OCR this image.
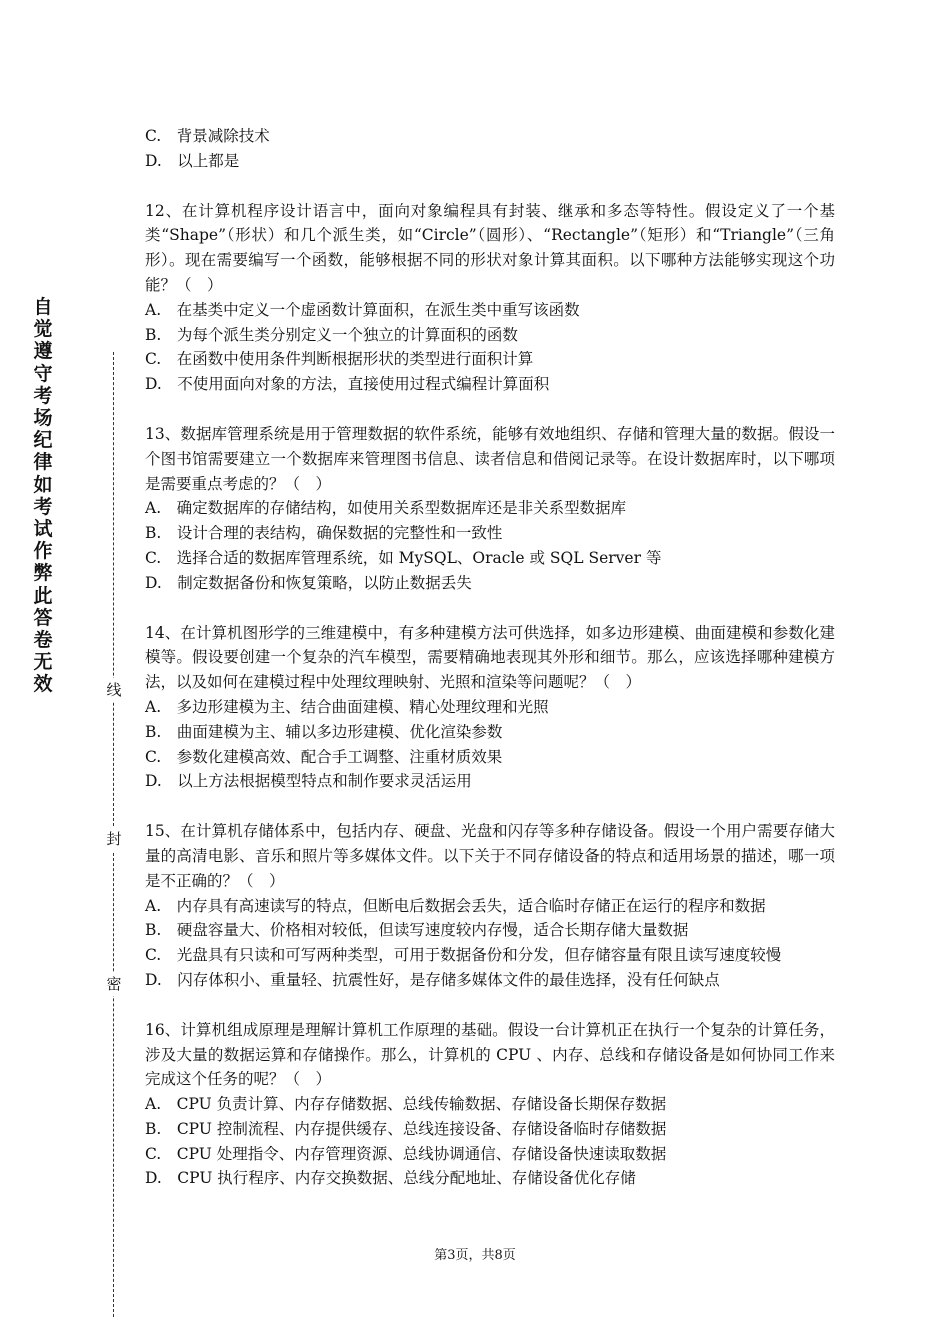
自觉遵守考场纪律如考试作弊此答卷无效	线
封
密

C.　背景减除技术

D.　以上都是

12、在计算机程序设计语言中，面向对象编程具有封装、继承和多态等特性。假设定义了一个基类“Shape”（形状）和几个派生类，如“Circle”（圆形）、“Rectangle”（矩形）和“Triangle”（三角形）。现在需要编写一个函数，能够根据不同的形状对象计算其面积。以下哪种方法能够实现这个功能？（　）

A.　在基类中定义一个虚函数计算面积，在派生类中重写该函数

B.　为每个派生类分别定义一个独立的计算面积的函数

C.　在函数中使用条件判断根据形状的类型进行面积计算

D.　不使用面向对象的方法，直接使用过程式编程计算面积

13、数据库管理系统是用于管理数据的软件系统，能够有效地组织、存储和管理大量的数据。假设一个图书馆需要建立一个数据库来管理图书信息、读者信息和借阅记录等。在设计数据库时，以下哪项是需要重点考虑的？（　）

A.　确定数据库的存储结构，如使用关系型数据库还是非关系型数据库

B.　设计合理的表结构，确保数据的完整性和一致性

C.　选择合适的数据库管理系统，如 MySQL、Oracle 或 SQL Server 等

D.　制定数据备份和恢复策略，以防止数据丢失

14、在计算机图形学的三维建模中，有多种建模方法可供选择，如多边形建模、曲面建模和参数化建模等。假设要创建一个复杂的汽车模型，需要精确地表现其外形和细节。那么，应该选择哪种建模方法，以及如何在建模过程中处理纹理映射、光照和渲染等问题呢？（　）

A.　多边形建模为主、结合曲面建模、精心处理纹理和光照

B.　曲面建模为主、辅以多边形建模、优化渲染参数

C.　参数化建模高效、配合手工调整、注重材质效果

D.　以上方法根据模型特点和制作要求灵活运用

15、在计算机存储体系中，包括内存、硬盘、光盘和闪存等多种存储设备。假设一个用户需要存储大量的高清电影、音乐和照片等多媒体文件。以下关于不同存储设备的特点和适用场景的描述，哪一项是不正确的？（　）

A.　内存具有高速读写的特点，但断电后数据会丢失，适合临时存储正在运行的程序和数据

B.　硬盘容量大、价格相对较低，但读写速度较内存慢，适合长期存储大量数据

C.　光盘具有只读和可写两种类型，可用于数据备份和分发，但存储容量有限且读写速度较慢

D.　闪存体积小、重量轻、抗震性好，是存储多媒体文件的最佳选择，没有任何缺点

16、计算机组成原理是理解计算机工作原理的基础。假设一台计算机正在执行一个复杂的计算任务，涉及大量的数据运算和存储操作。那么，计算机的 CPU 、内存、总线和存储设备是如何协同工作来完成这个任务的呢？（　）

A.　CPU 负责计算、内存存储数据、总线传输数据、存储设备长期保存数据

B.　CPU 控制流程、内存提供缓存、总线连接设备、存储设备临时存储数据

C.　CPU 处理指令、内存管理资源、总线协调通信、存储设备快速读取数据

D.　CPU 执行程序、内存交换数据、总线分配地址、存储设备优化存储

第3页，共8页
